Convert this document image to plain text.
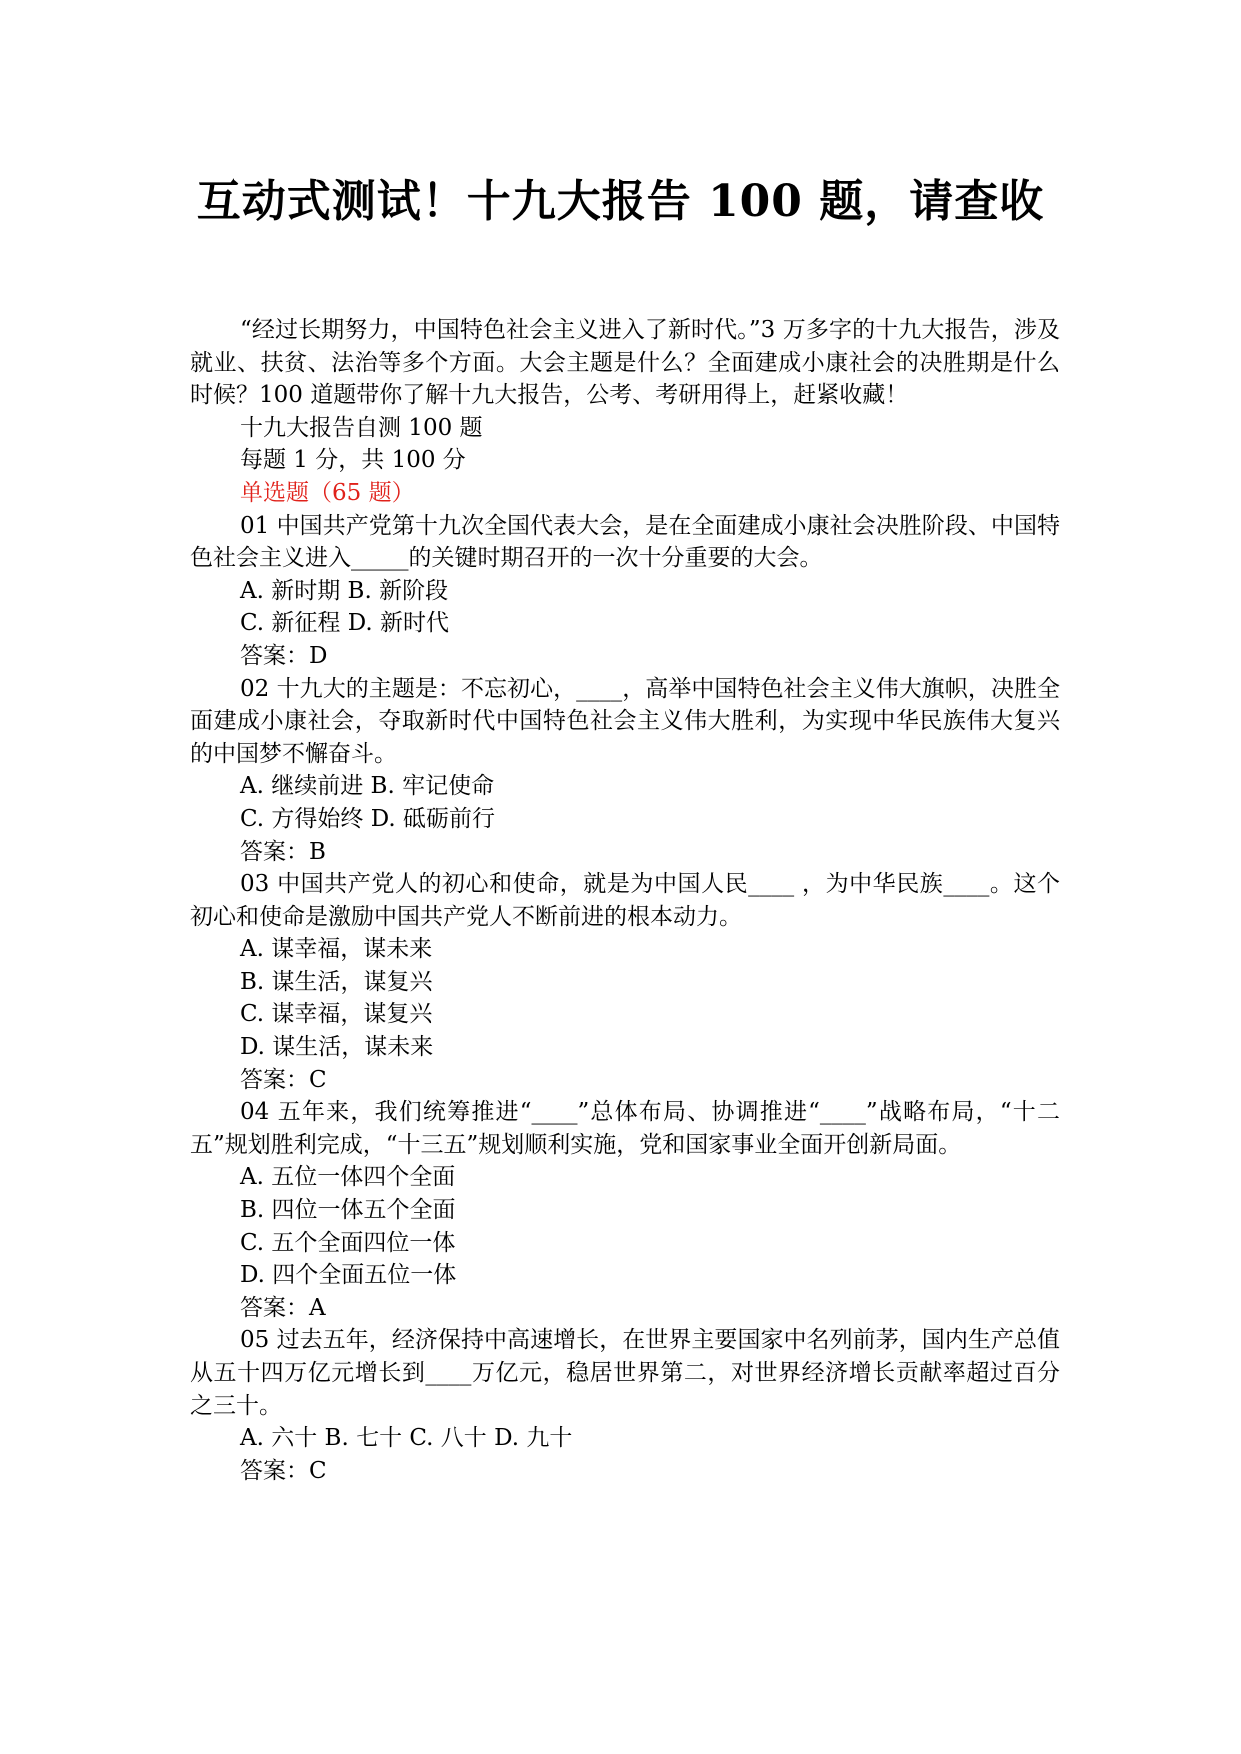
互动式测试！十九大报告 100 题，请查收

“经过长期努力，中国特色社会主义进入了新时代。”3 万多字的十九大报告，涉及就业、扶贫、法治等多个方面。大会主题是什么？全面建成小康社会的决胜期是什么时候？100 道题带你了解十九大报告，公考、考研用得上，赶紧收藏！

十九大报告自测 100 题

每题 1 分，共 100 分

单选题（65 题）

01 中国共产党第十九次全国代表大会，是在全面建成小康社会决胜阶段、中国特色社会主义进入_____的关键时期召开的一次十分重要的大会。

A. 新时期 B. 新阶段

C. 新征程 D. 新时代

答案：D

02 十九大的主题是：不忘初心，____，高举中国特色社会主义伟大旗帜，决胜全面建成小康社会，夺取新时代中国特色社会主义伟大胜利，为实现中华民族伟大复兴的中国梦不懈奋斗。

A. 继续前进 B. 牢记使命

C. 方得始终 D. 砥砺前行

答案：B

03 中国共产党人的初心和使命，就是为中国人民____ ，为中华民族____。这个初心和使命是激励中国共产党人不断前进的根本动力。

A. 谋幸福，谋未来

B. 谋生活，谋复兴

C. 谋幸福，谋复兴

D. 谋生活，谋未来

答案：C

04 五年来，我们统筹推进“____”总体布局、协调推进“____”战略布局，“十二五”规划胜利完成，“十三五”规划顺利实施，党和国家事业全面开创新局面。

A. 五位一体四个全面

B. 四位一体五个全面

C. 五个全面四位一体

D. 四个全面五位一体

答案：A

05 过去五年，经济保持中高速增长，在世界主要国家中名列前茅，国内生产总值从五十四万亿元增长到____万亿元，稳居世界第二，对世界经济增长贡献率超过百分之三十。

A. 六十 B. 七十 C. 八十 D. 九十

答案：C
